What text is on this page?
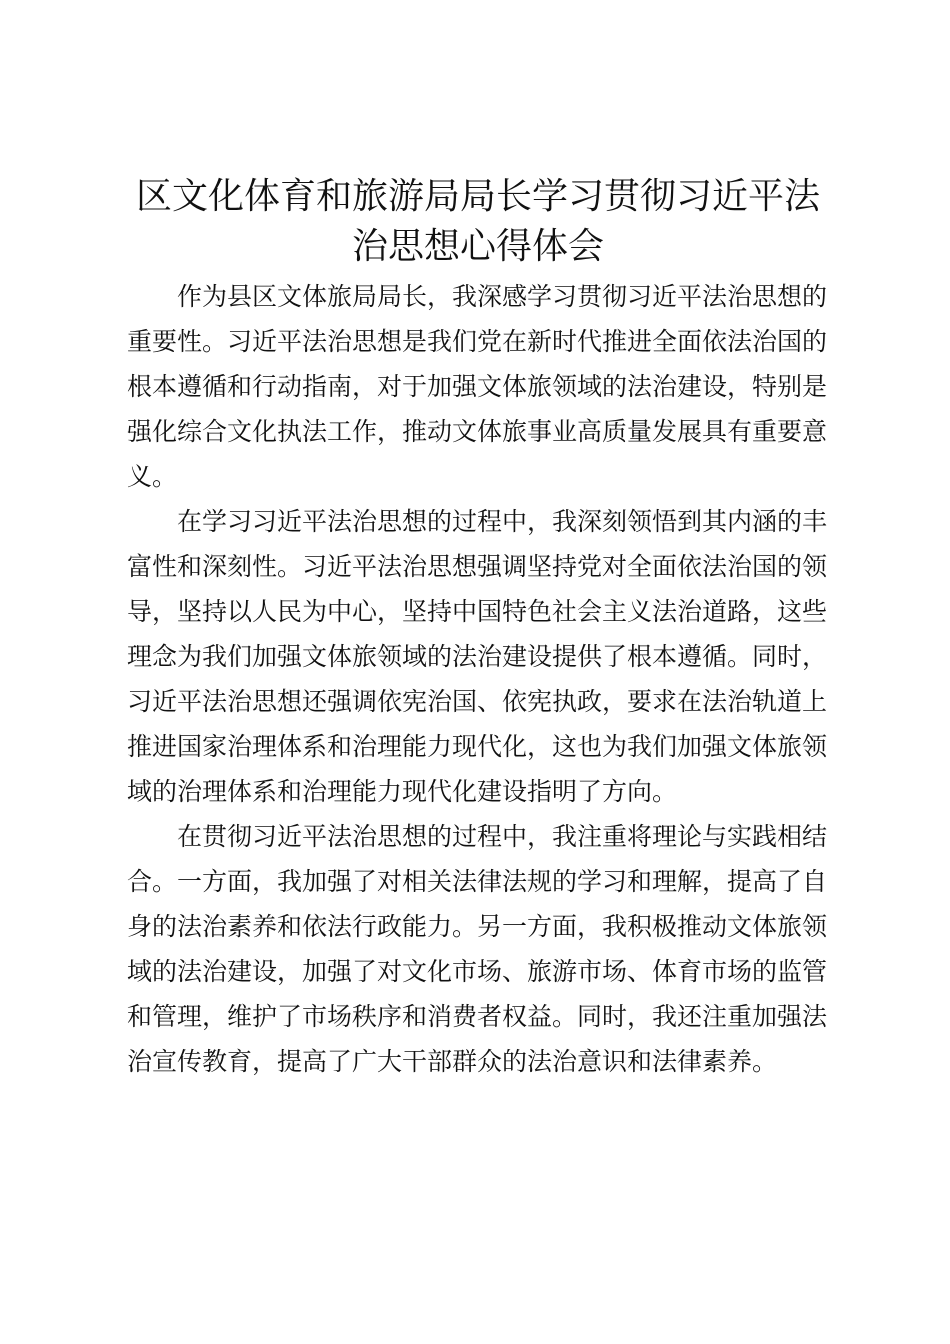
区文化体育和旅游局局长学习贯彻习近平法治思想心得体会

作为县区文体旅局局长，我深感学习贯彻习近平法治思想的重要性。习近平法治思想是我们党在新时代推进全面依法治国的根本遵循和行动指南，对于加强文体旅领域的法治建设，特别是强化综合文化执法工作，推动文体旅事业高质量发展具有重要意义。

在学习习近平法治思想的过程中，我深刻领悟到其内涵的丰富性和深刻性。习近平法治思想强调坚持党对全面依法治国的领导，坚持以人民为中心，坚持中国特色社会主义法治道路，这些理念为我们加强文体旅领域的法治建设提供了根本遵循。同时，习近平法治思想还强调依宪治国、依宪执政，要求在法治轨道上推进国家治理体系和治理能力现代化，这也为我们加强文体旅领域的治理体系和治理能力现代化建设指明了方向。

在贯彻习近平法治思想的过程中，我注重将理论与实践相结合。一方面，我加强了对相关法律法规的学习和理解，提高了自身的法治素养和依法行政能力。另一方面，我积极推动文体旅领域的法治建设，加强了对文化市场、旅游市场、体育市场的监管和管理，维护了市场秩序和消费者权益。同时，我还注重加强法治宣传教育，提高了广大干部群众的法治意识和法律素养。
